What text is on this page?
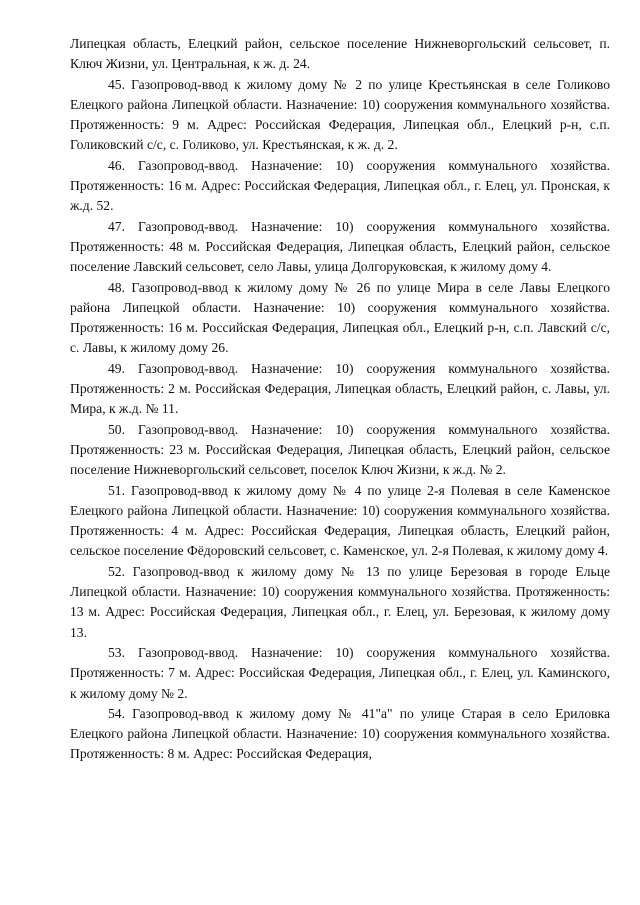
Липецкая область, Елецкий район, сельское поселение Нижневоргольский сельсовет, п. Ключ Жизни, ул. Центральная, к ж. д. 24.

45. Газопровод-ввод к жилому дому № 2 по улице Крестьянская в селе Голиково Елецкого района Липецкой области. Назначение: 10) сооружения коммунального хозяйства. Протяженность: 9 м. Адрес: Российская Федерация, Липецкая обл., Елецкий р-н, с.п. Голиковский с/с, с. Голиково, ул. Крестьянская, к ж. д. 2.

46. Газопровод-ввод. Назначение: 10) сооружения коммунального хозяйства. Протяженность: 16 м. Адрес: Российская Федерация, Липецкая обл., г. Елец, ул. Пронская, к ж.д. 52.

47. Газопровод-ввод. Назначение: 10) сооружения коммунального хозяйства. Протяженность: 48 м. Российская Федерация, Липецкая область, Елецкий район, сельское поселение Лавский сельсовет, село Лавы, улица Долгоруковская, к жилому дому 4.

48. Газопровод-ввод к жилому дому № 26 по улице Мира в селе Лавы Елецкого района Липецкой области. Назначение: 10) сооружения коммунального хозяйства. Протяженность: 16 м. Российская Федерация, Липецкая обл., Елецкий р-н, с.п. Лавский с/с, с. Лавы, к жилому дому 26.

49. Газопровод-ввод. Назначение: 10) сооружения коммунального хозяйства. Протяженность: 2 м. Российская Федерация, Липецкая область, Елецкий район, с. Лавы, ул. Мира, к ж.д. № 11.

50. Газопровод-ввод. Назначение: 10) сооружения коммунального хозяйства. Протяженность: 23 м. Российская Федерация, Липецкая область, Елецкий район, сельское поселение Нижневоргольский сельсовет, поселок Ключ Жизни, к ж.д. № 2.

51. Газопровод-ввод к жилому дому № 4 по улице 2-я Полевая в селе Каменское Елецкого района Липецкой области. Назначение: 10) сооружения коммунального хозяйства. Протяженность: 4 м. Адрес: Российская Федерация, Липецкая область, Елецкий район, сельское поселение Фёдоровский сельсовет, с. Каменское, ул. 2-я Полевая, к жилому дому 4.

52. Газопровод-ввод к жилому дому № 13 по улице Березовая в городе Ельце Липецкой области. Назначение: 10) сооружения коммунального хозяйства. Протяженность: 13 м. Адрес: Российская Федерация, Липецкая обл., г. Елец, ул. Березовая, к жилому дому 13.

53. Газопровод-ввод. Назначение: 10) сооружения коммунального хозяйства. Протяженность: 7 м. Адрес: Российская Федерация, Липецкая обл., г. Елец, ул. Каминского, к жилому дому № 2.

54. Газопровод-ввод к жилому дому № 41"а" по улице Старая в село Ериловка Елецкого района Липецкой области. Назначение: 10) сооружения коммунального хозяйства. Протяженность: 8 м. Адрес: Российская Федерация,
